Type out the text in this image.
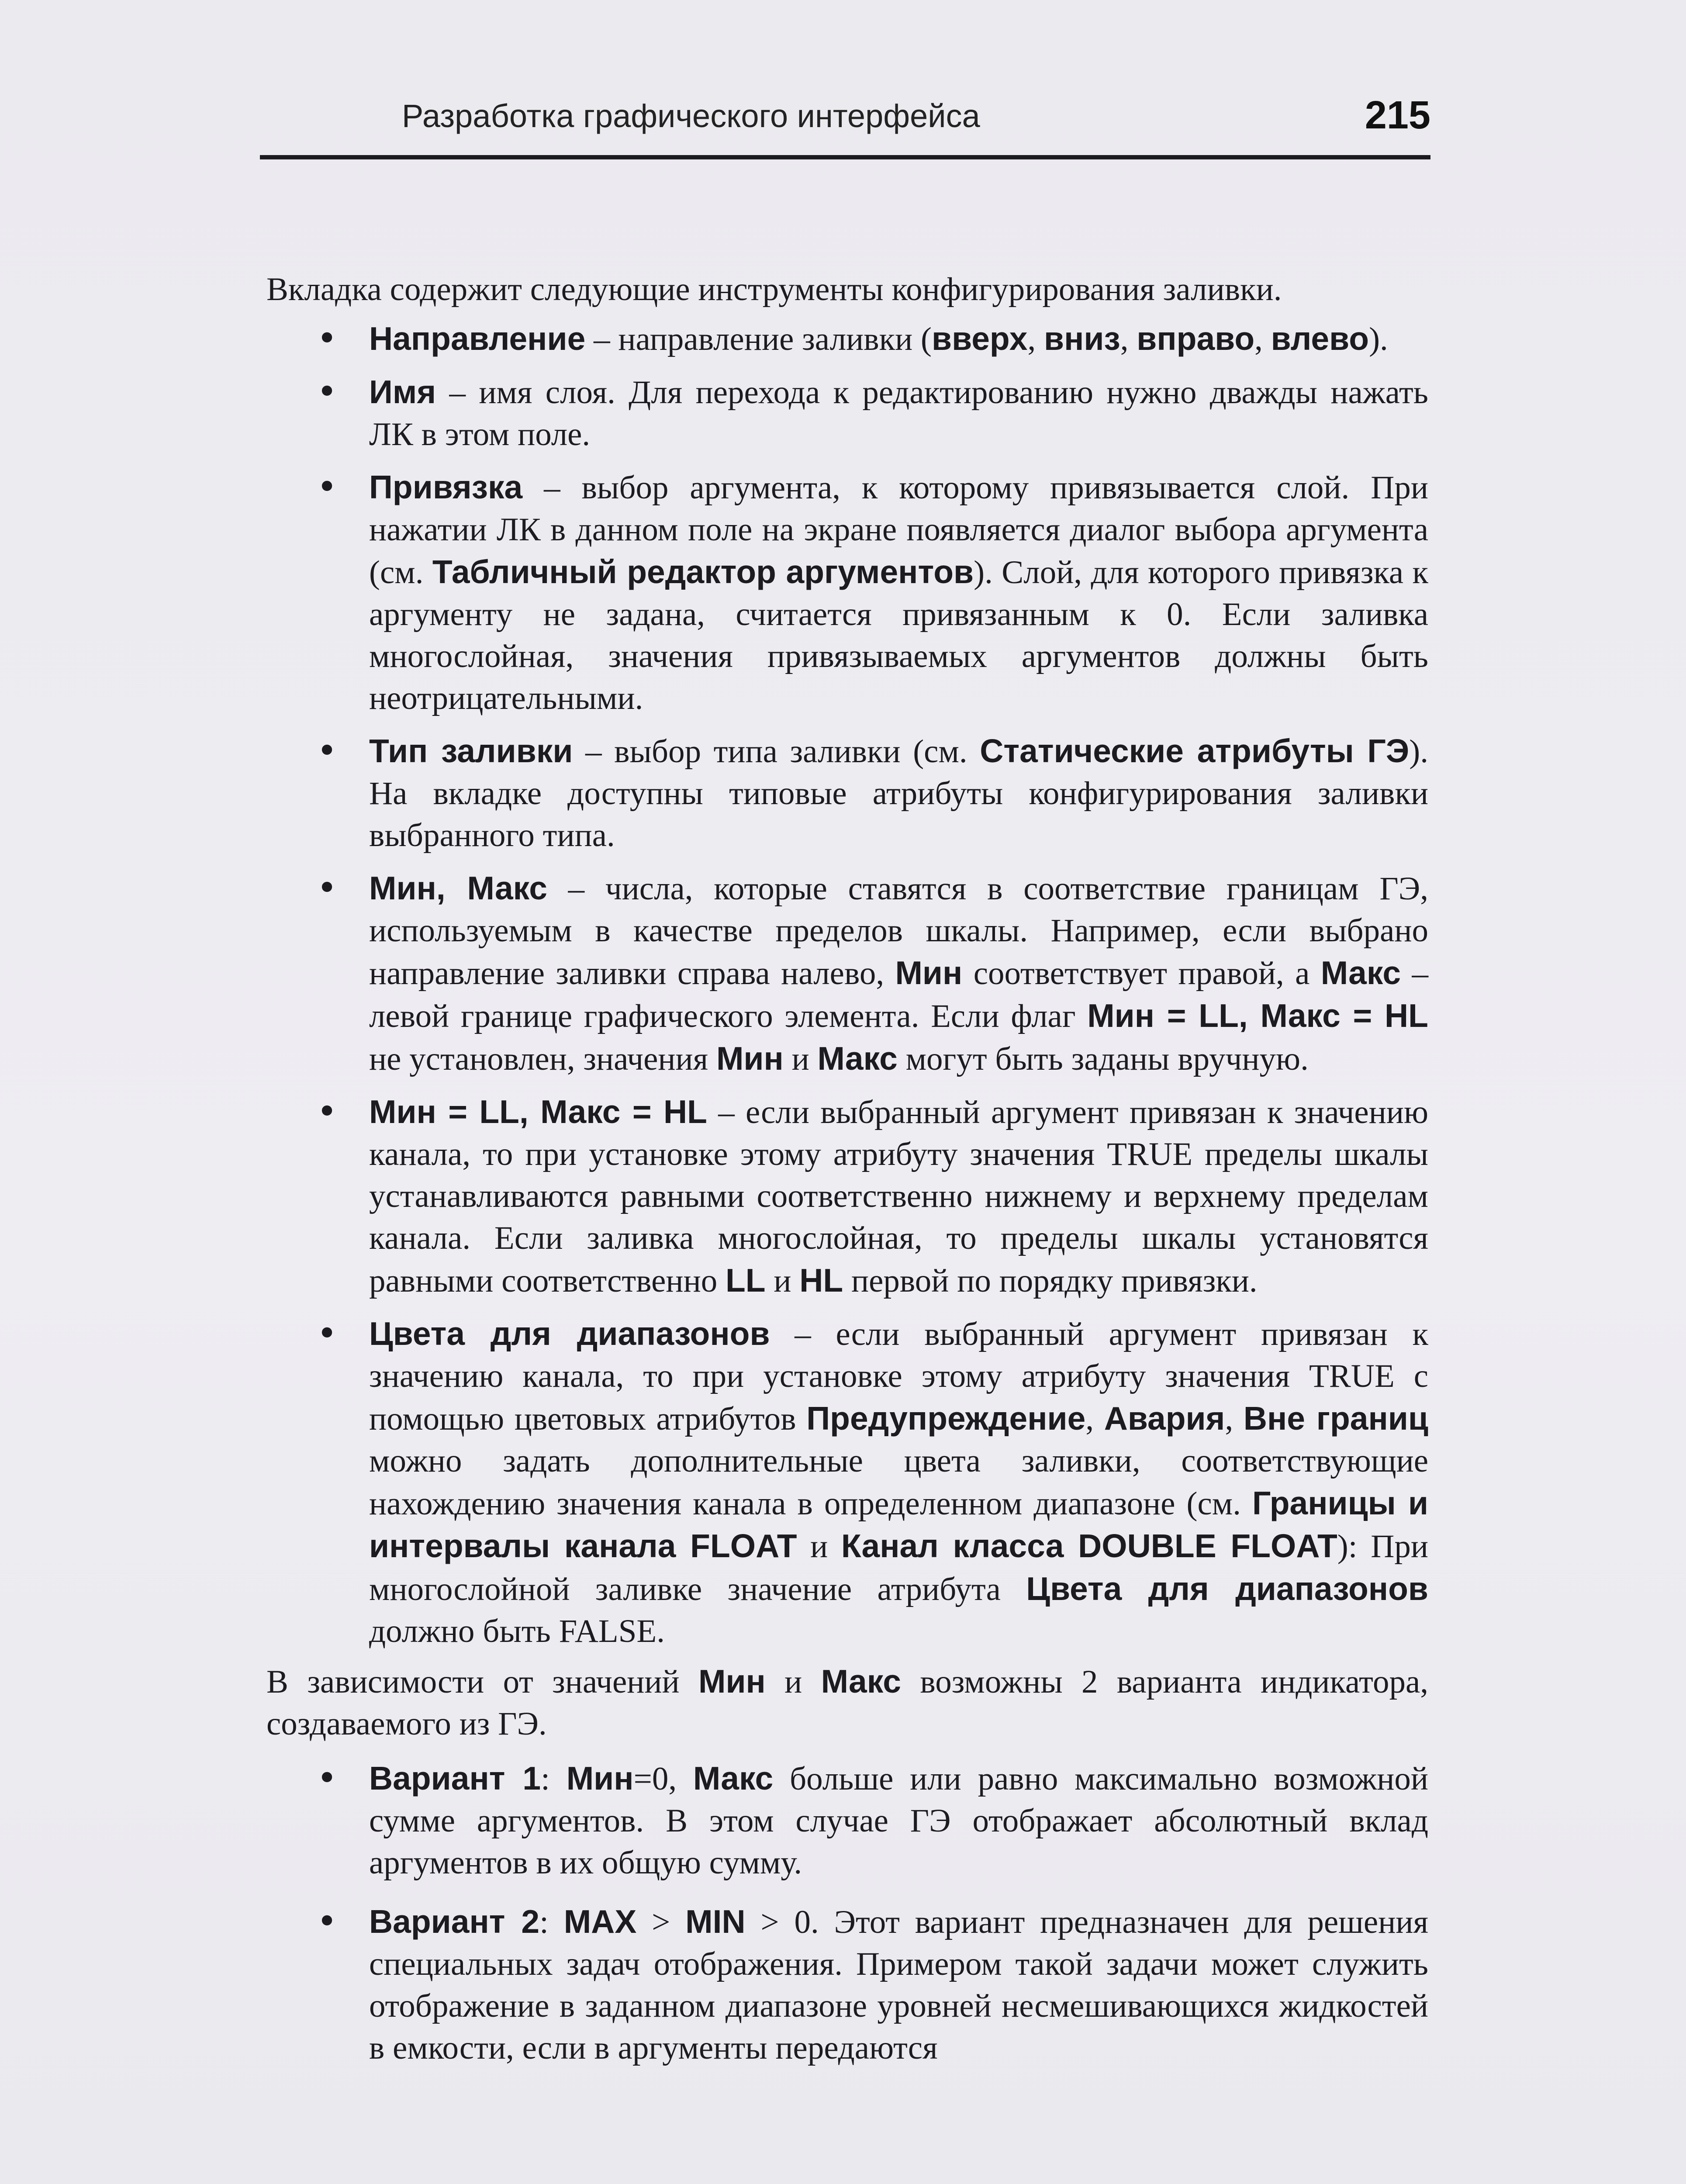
Разработка графического интерфейса	215

Вкладка содержит следующие инструменты конфигурирования заливки.

• Направление – направление заливки (вверх, вниз, вправо, влево).
• Имя – имя слоя. Для перехода к редактированию нужно дважды нажать ЛК в этом поле.
• Привязка – выбор аргумента, к которому привязывается слой. При нажатии ЛК в данном поле на экране появляется диалог выбора аргумента (см. Табличный редактор аргументов). Слой, для которого привязка к аргументу не задана, считается привязанным к 0. Если заливка многослойная, значения привязываемых аргументов должны быть неотрицательными.
• Тип заливки – выбор типа заливки (см. Статические атрибуты ГЭ). На вкладке доступны типовые атрибуты конфигурирования заливки выбранного типа.
• Мин, Макс – числа, которые ставятся в соответствие границам ГЭ, используемым в качестве пределов шкалы. Например, если выбрано направление заливки справа налево, Мин соответствует правой, а Макс – левой границе графического элемента. Если флаг Мин = LL, Макс = HL не установлен, значения Мин и Макс могут быть заданы вручную.
• Мин = LL, Макс = HL – если выбранный аргумент привязан к значению канала, то при установке этому атрибуту значения TRUE пределы шкалы устанавливаются равными соответственно нижнему и верхнему пределам канала. Если заливка многослойная, то пределы шкалы установятся равными соответственно LL и HL первой по порядку привязки.
• Цвета для диапазонов – если выбранный аргумент привязан к значению канала, то при установке этому атрибуту значения TRUE с помощью цветовых атрибутов Предупреждение, Авария, Вне границ можно задать дополнительные цвета заливки, соответствующие нахождению значения канала в определенном диапазоне (см. Границы и интервалы канала FLOAT и Канал класса DOUBLE FLOAT): При многослойной заливке значение атрибута Цвета для диапазонов должно быть FALSE.

В зависимости от значений Мин и Макс возможны 2 варианта индикатора, создаваемого из ГЭ.

• Вариант 1: Мин=0, Макс больше или равно максимально возможной сумме аргументов. В этом случае ГЭ отображает абсолютный вклад аргументов в их общую сумму.
• Вариант 2: MAX > MIN > 0. Этот вариант предназначен для решения специальных задач отображения. Примером такой задачи может служить отображение в заданном диапазоне уровней несмешивающихся жидкостей в емкости, если в аргументы передаются
